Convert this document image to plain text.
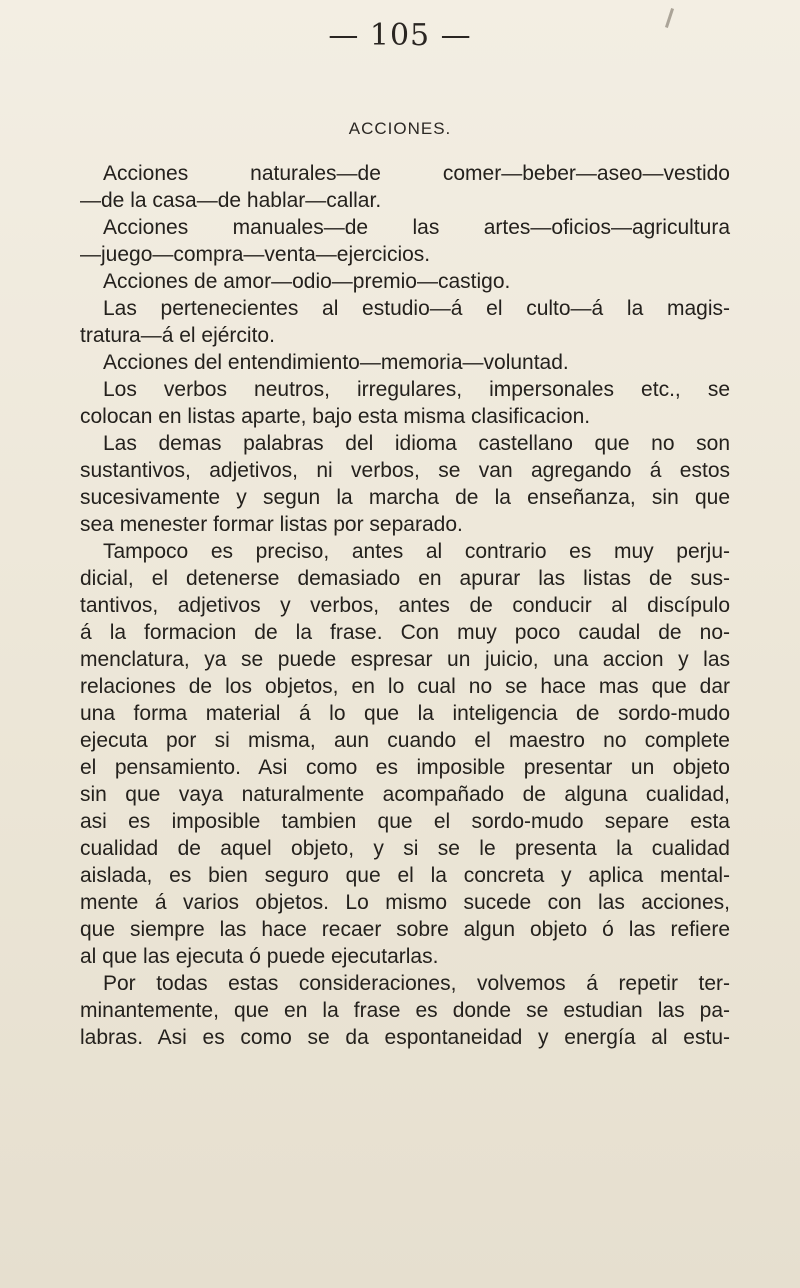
— 105 —
ACCIONES.
Acciones naturales—de comer—beber—aseo—vestido
—de la casa—de hablar—callar.
Acciones manuales—de las artes—oficios—agricultura
—juego—compra—venta—ejercicios.
Acciones de amor—odio—premio—castigo.
Las pertenecientes al estudio—á el culto—á la magis-
tratura—á el ejército.
Acciones del entendimiento—memoria—voluntad.
Los verbos neutros, irregulares, impersonales etc., se
colocan en listas aparte, bajo esta misma clasificacion.
Las demas palabras del idioma castellano que no son
sustantivos, adjetivos, ni verbos, se van agregando á estos
sucesivamente y segun la marcha de la enseñanza, sin que
sea menester formar listas por separado.
Tampoco es preciso, antes al contrario es muy perju-
dicial, el detenerse demasiado en apurar las listas de sus-
tantivos, adjetivos y verbos, antes de conducir al discípulo
á la formacion de la frase. Con muy poco caudal de no-
menclatura, ya se puede espresar un juicio, una accion y las
relaciones de los objetos, en lo cual no se hace mas que dar
una forma material á lo que la inteligencia de sordo-mudo
ejecuta por si misma, aun cuando el maestro no complete
el pensamiento. Asi como es imposible presentar un objeto
sin que vaya naturalmente acompañado de alguna cualidad,
asi es imposible tambien que el sordo-mudo separe esta
cualidad de aquel objeto, y si se le presenta la cualidad
aislada, es bien seguro que el la concreta y aplica mental-
mente á varios objetos. Lo mismo sucede con las acciones,
que siempre las hace recaer sobre algun objeto ó las refiere
al que las ejecuta ó puede ejecutarlas.
Por todas estas consideraciones, volvemos á repetir ter-
minantemente, que en la frase es donde se estudian las pa-
labras. Asi es como se da espontaneidad y energía al estu-
